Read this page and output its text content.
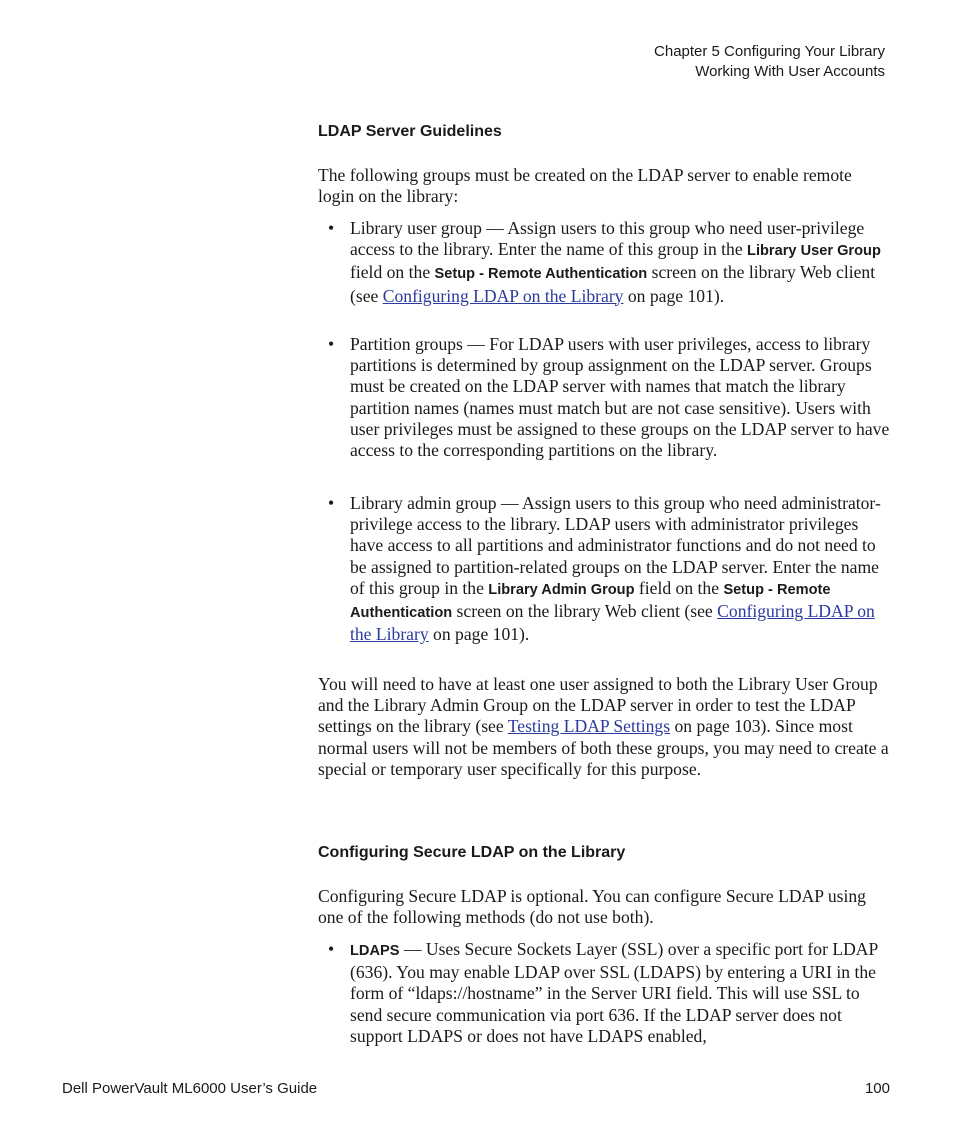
Chapter 5 Configuring Your Library
Working With User Accounts
LDAP Server Guidelines

The following groups must be created on the LDAP server to enable remote login on the library:

• Library user group — Assign users to this group who need user-privilege access to the library. Enter the name of this group in the Library User Group field on the Setup - Remote Authentication screen on the library Web client (see Configuring LDAP on the Library on page 101).
• Partition groups — For LDAP users with user privileges, access to library partitions is determined by group assignment on the LDAP server. Groups must be created on the LDAP server with names that match the library partition names (names must match but are not case sensitive). Users with user privileges must be assigned to these groups on the LDAP server to have access to the corresponding partitions on the library.
• Library admin group — Assign users to this group who need administrator-privilege access to the library. LDAP users with administrator privileges have access to all partitions and administrator functions and do not need to be assigned to partition-related groups on the LDAP server. Enter the name of this group in the Library Admin Group field on the Setup - Remote Authentication screen on the library Web client (see Configuring LDAP on the Library on page 101).

You will need to have at least one user assigned to both the Library User Group and the Library Admin Group on the LDAP server in order to test the LDAP settings on the library (see Testing LDAP Settings on page 103). Since most normal users will not be members of both these groups, you may need to create a special or temporary user specifically for this purpose.

Configuring Secure LDAP on the Library

Configuring Secure LDAP is optional. You can configure Secure LDAP using one of the following methods (do not use both).

• LDAPS — Uses Secure Sockets Layer (SSL) over a specific port for LDAP (636). You may enable LDAP over SSL (LDAPS) by entering a URI in the form of “ldaps://hostname” in the Server URI field. This will use SSL to send secure communication via port 636. If the LDAP server does not support LDAPS or does not have LDAPS enabled,
Dell PowerVault ML6000 User’s Guide	100
